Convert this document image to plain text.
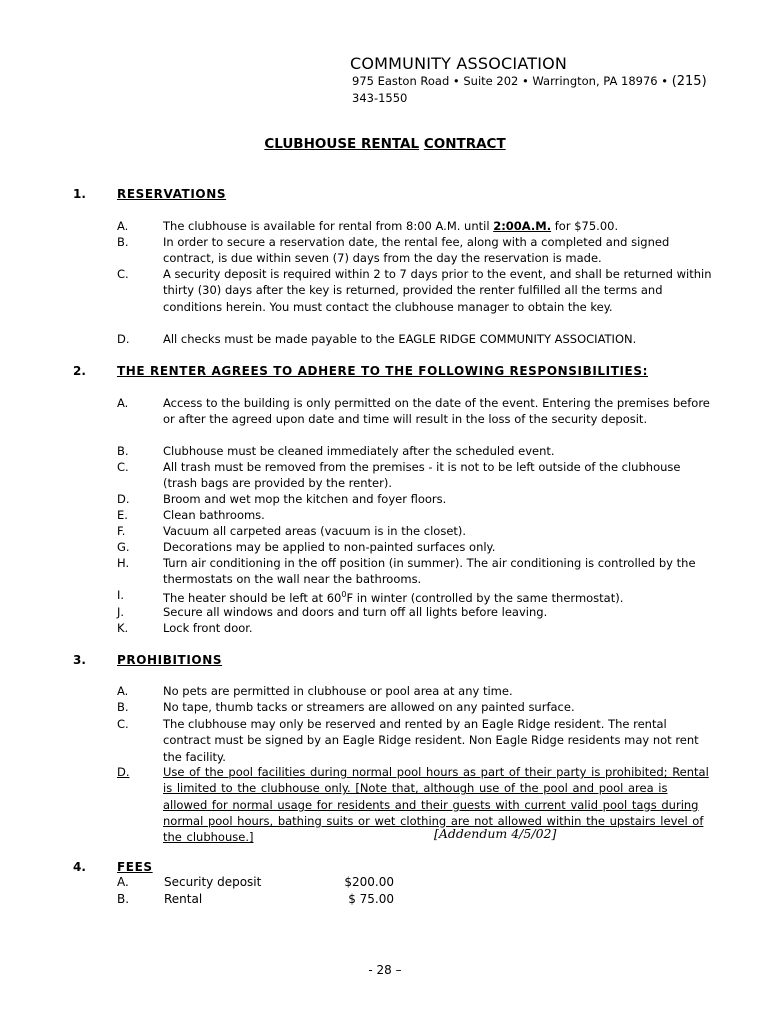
COMMUNITY ASSOCIATION
975 Easton Road • Suite 202 • Warrington, PA 18976 • (215)
343-1550
CLUBHOUSE RENTAL CONTRACT
1.	RESERVATIONS
A.	The clubhouse is available for rental from 8:00 A.M. until 2:00A.M. for $75.00.
B.	In order to secure a reservation date, the rental fee, along with a completed and signed contract, is due within seven (7) days from the day the reservation is made.
C.	A security deposit is required within 2 to 7 days prior to the event, and shall be returned within thirty (30) days after the key is returned, provided the renter fulfilled all the terms and conditions herein. You must contact the clubhouse manager to obtain the key.
D.	All checks must be made payable to the EAGLE RIDGE COMMUNITY ASSOCIATION.
2.	THE RENTER AGREES TO ADHERE TO THE FOLLOWING RESPONSIBILITIES:
A.	Access to the building is only permitted on the date of the event. Entering the premises before or after the agreed upon date and time will result in the loss of the security deposit.
B.	Clubhouse must be cleaned immediately after the scheduled event.
C.	All trash must be removed from the premises - it is not to be left outside of the clubhouse (trash bags are provided by the renter).
D.	Broom and wet mop the kitchen and foyer floors.
E.	Clean bathrooms.
F.	Vacuum all carpeted areas (vacuum is in the closet).
G.	Decorations may be applied to non-painted surfaces only.
H.	Turn air conditioning in the off position (in summer). The air conditioning is controlled by the thermostats on the wall near the bathrooms.
I.	The heater should be left at $60^0F$ in winter (controlled by the same thermostat).
J.	Secure all windows and doors and turn off all lights before leaving.
K.	Lock front door.
3.	PROHIBITIONS
A.	No pets are permitted in clubhouse or pool area at any time.
B.	No tape, thumb tacks or streamers are allowed on any painted surface.
C.	The clubhouse may only be reserved and rented by an Eagle Ridge resident. The rental contract must be signed by an Eagle Ridge resident. Non Eagle Ridge residents may not rent the facility.
D.	Use of the pool facilities during normal pool hours as part of their party is prohibited; Rental is limited to the clubhouse only. [Note that, although use of the pool and pool area is allowed for normal usage for residents and their guests with current valid pool tags during normal pool hours, bathing suits or wet clothing are not allowed within the upstairs level of the clubhouse.]	[Addendum 4/5/02]
4.	FEES
A.	Security deposit	$200.00
B.	Rental	$ 75.00
- 28 –
